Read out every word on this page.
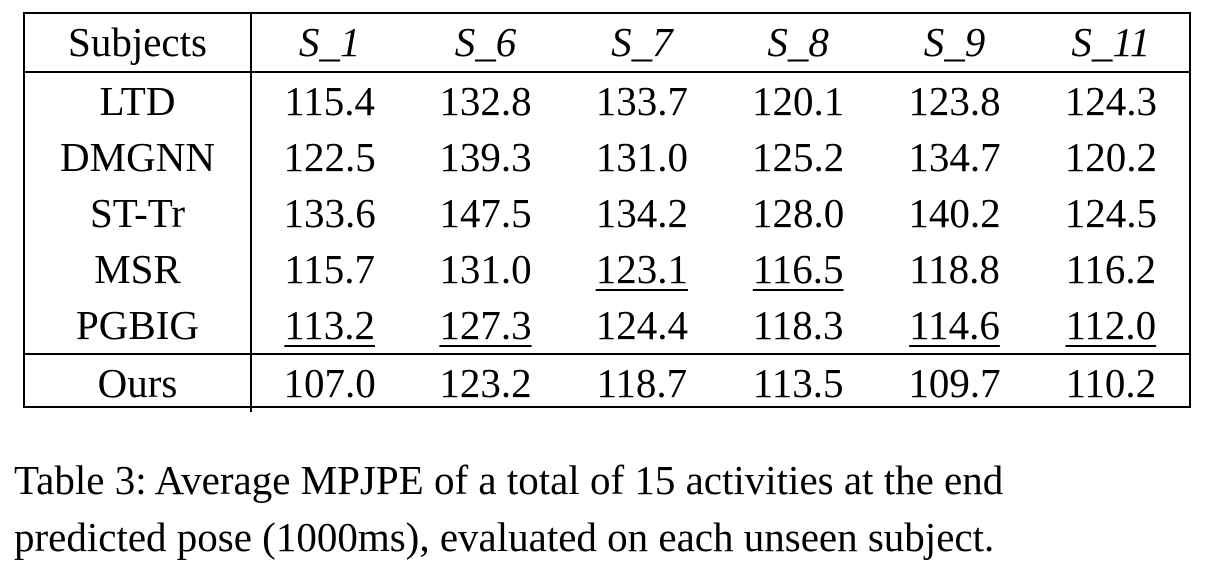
Subjects	S_1	S_6	S_7	S_8	S_9	S_11
LTD	115.4	132.8	133.7	120.1	123.8	124.3
DMGNN	122.5	139.3	131.0	125.2	134.7	120.2
ST-Tr	133.6	147.5	134.2	128.0	140.2	124.5
MSR	115.7	131.0	123.1	116.5	118.8	116.2
PGBIG	113.2	127.3	124.4	118.3	114.6	112.0
Ours	107.0	123.2	118.7	113.5	109.7	110.2

Table 3: Average MPJPE of a total of 15 activities at the end
predicted pose (1000ms), evaluated on each unseen subject.
